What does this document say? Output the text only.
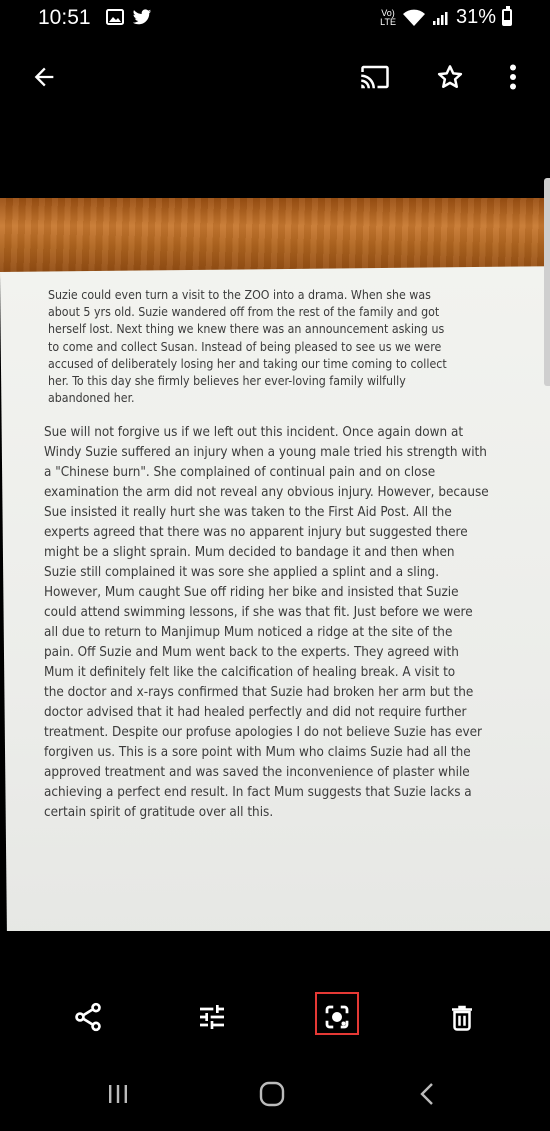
10:51	Vo)
LTE	31%
Suzie could even turn a visit to the ZOO into a drama. When she was
about 5 yrs old. Suzie wandered off from the rest of the family and got
herself lost. Next thing we knew there was an announcement asking us
to come and collect Susan. Instead of being pleased to see us we were
accused of deliberately losing her and taking our time coming to collect
her. To this day she firmly believes her ever-loving family wilfully
abandoned her.
Sue will not forgive us if we left out this incident. Once again down at
Windy Suzie suffered an injury when a young male tried his strength with
a "Chinese burn". She complained of continual pain and on close
examination the arm did not reveal any obvious injury. However, because
Sue insisted it really hurt she was taken to the First Aid Post. All the
experts agreed that there was no apparent injury but suggested there
might be a slight sprain. Mum decided to bandage it and then when
Suzie still complained it was sore she applied a splint and a sling.
However, Mum caught Sue off riding her bike and insisted that Suzie
could attend swimming lessons, if she was that fit. Just before we were
all due to return to Manjimup Mum noticed a ridge at the site of the
pain. Off Suzie and Mum went back to the experts. They agreed with
Mum it definitely felt like the calcification of healing break. A visit to
the doctor and x-rays confirmed that Suzie had broken her arm but the
doctor advised that it had healed perfectly and did not require further
treatment. Despite our profuse apologies I do not believe Suzie has ever
forgiven us. This is a sore point with Mum who claims Suzie had all the
approved treatment and was saved the inconvenience of plaster while
achieving a perfect end result. In fact Mum suggests that Suzie lacks a
certain spirit of gratitude over all this.
